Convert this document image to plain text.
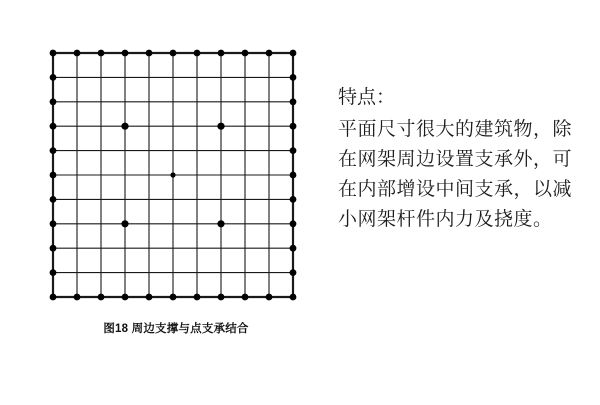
图18 周边支撑与点支承结合
特点：
平面尺寸很大的建筑物，除在网架周边设置支承外，可在内部增设中间支承，以减小网架杆件内力及挠度。
